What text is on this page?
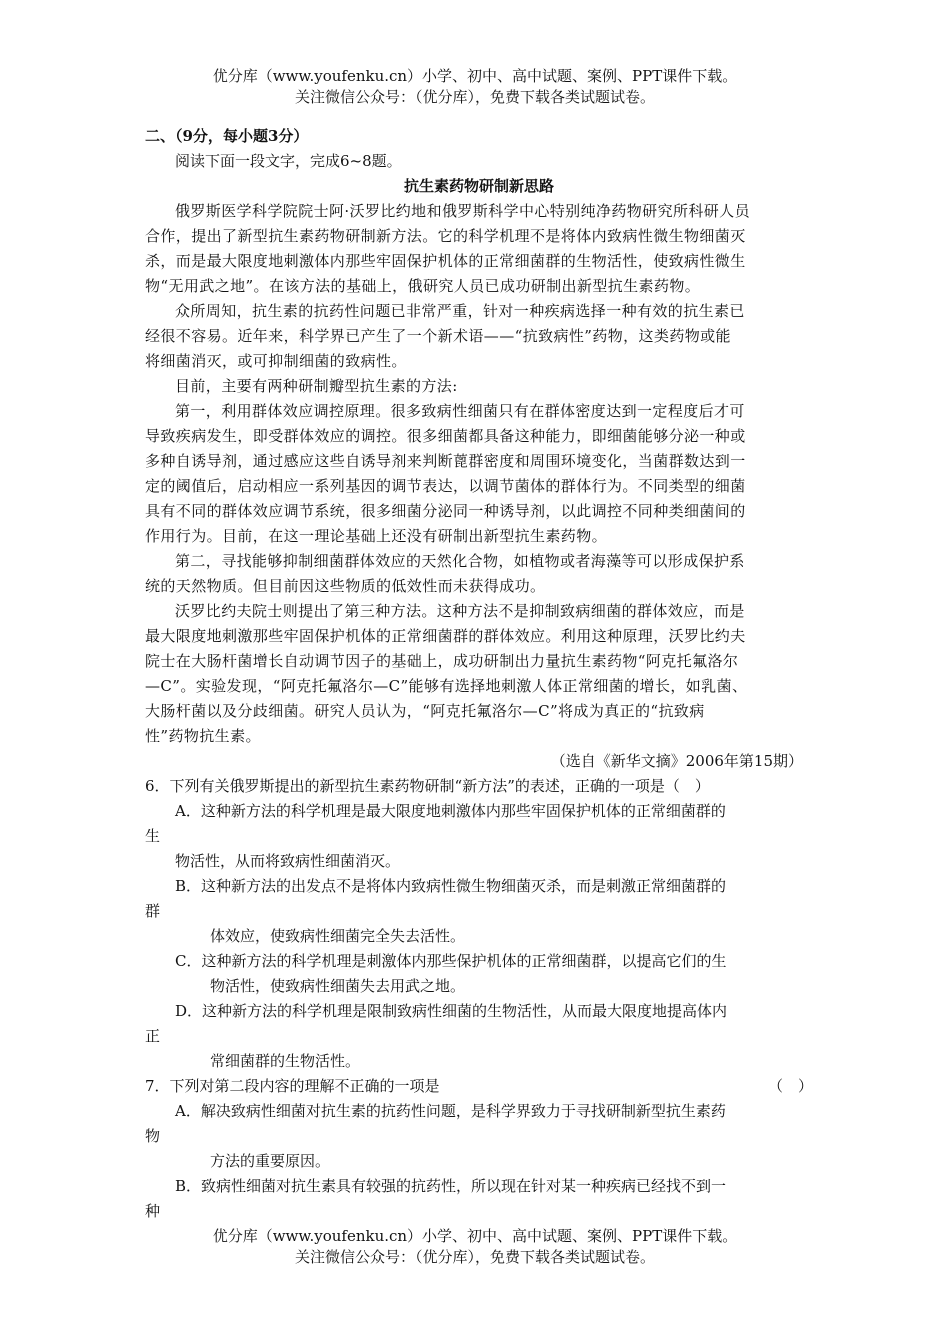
优分库（www.youfenku.cn）小学、初中、高中试题、案例、PPT课件下载。
关注微信公众号：（优分库），免费下载各类试题试卷。

二、（9分，每小题3分）

阅读下面一段文字，完成6~8题。

抗生素药物研制新思路

俄罗斯医学科学院院士阿·沃罗比约地和俄罗斯科学中心特别纯净药物研究所科研人员

合作，提出了新型抗生素药物研制新方法。它的科学机理不是将体内致病性微生物细菌灭

杀，而是最大限度地刺激体内那些牢固保护机体的正常细菌群的生物活性，使致病性微生

物“无用武之地”。在该方法的基础上，俄研究人员已成功研制出新型抗生素药物。

众所周知，抗生素的抗药性问题已非常严重，针对一种疾病选择一种有效的抗生素已

经很不容易。近年来，科学界已产生了一个新术语——“抗致病性”药物，这类药物或能

将细菌消灭，或可抑制细菌的致病性。

目前，主要有两种研制瓣型抗生素的方法:

第一，利用群体效应调控原理。很多致病性细菌只有在群体密度达到一定程度后才可

导致疾病发生，即受群体效应的调控。很多细菌都具备这种能力，即细菌能够分泌一种或

多种自诱导剂，通过感应这些自诱导剂来判断蓖群密度和周围环境变化，当菌群数达到一

定的阈值后，启动相应一系列基因的调节表达，以调节菌体的群体行为。不同类型的细菌

具有不同的群体效应调节系统，很多细菌分泌同一种诱导剂，以此调控不同种类细菌间的

作用行为。目前，在这一理论基础上还没有研制出新型抗生素药物。

第二，寻找能够抑制细菌群体效应的天然化合物，如植物或者海藻等可以形成保护系

统的天然物质。但目前因这些物质的低效性而未获得成功。

沃罗比约夫院士则提出了第三种方法。这种方法不是抑制致病细菌的群体效应，而是

最大限度地刺激那些牢固保护机体的正常细菌群的群体效应。利用这种原理，沃罗比约夫

院士在大肠杆菌增长自动调节因子的基础上，成功研制出力量抗生素药物“阿克托氟洛尔

—C”。实验发现，“阿克托氟洛尔—C”能够有选择地刺激人体正常细菌的增长，如乳菌、

大肠杆菌以及分歧细菌。研究人员认为，“阿克托氟洛尔—C”将成为真正的“抗致病

性”药物抗生素。

（选自《新华文摘》2006年第15期）

6．下列有关俄罗斯提出的新型抗生素药物研制“新方法”的表述，正确的一项是（　）

A．这种新方法的科学机理是最大限度地刺激体内那些牢固保护机体的正常细菌群的

生

物活性，从而将致病性细菌消灭。

B．这种新方法的出发点不是将体内致病性微生物细菌灭杀，而是刺激正常细菌群的

群

体效应，使致病性细菌完全失去活性。

C．这种新方法的科学机理是刺激体内那些保护机体的正常细菌群，以提高它们的生

物活性，使致病性细菌失去用武之地。

D．这种新方法的科学机理是限制致病性细菌的生物活性，从而最大限度地提高体内

正

常细菌群的生物活性。

7．下列对第二段内容的理解不正确的一项是	（　）

A．解决致病性细菌对抗生素的抗药性问题，是科学界致力于寻找研制新型抗生素药

物

方法的重要原因。

B．致病性细菌对抗生素具有较强的抗药性，所以现在针对某一种疾病已经找不到一

种

优分库（www.youfenku.cn）小学、初中、高中试题、案例、PPT课件下载。
关注微信公众号：（优分库），免费下载各类试题试卷。
